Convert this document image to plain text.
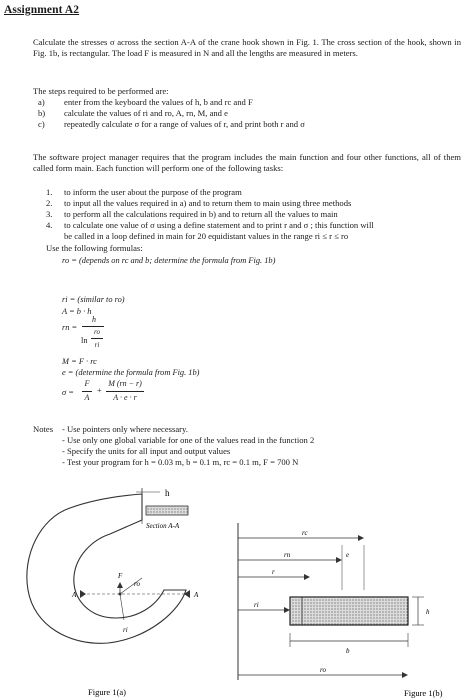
Assignment A2
Calculate the stresses σ across the section A-A of the crane hook shown in Fig. 1. The cross section of the hook, shown in Fig. 1b, is rectangular. The load F is measured in N and all the lengths are measured in meters.
The steps required to be performed are:
a) enter from the keyboard the values of h, b and rc and F
b) calculate the values of ri and ro, A, rn, M, and e
c) repeatedly calculate σ for a range of values of r, and print both r and σ
The software project manager requires that the program includes the main function and four other functions, all of them called form main. Each function will perform one of the following tasks:
1. to inform the user about the purpose of the program
2. to input all the values required in a) and to return them to main using three methods
3. to perform all the calculations required in b) and to return all the values to main
4. to calculate one value of σ using a define statement and to print r and σ ; this function will
be called in a loop defined in main for 20 equidistant values in the range ri ≤ r ≤ ro
Use the following formulas:
ro = (depends on rc and b; determine the formula from Fig. 1b)
ri = (similar to ro)
A = b · h
rn =
h
ln
ro
ri
M = F · rc
e = (determine the formula from Fig. 1b)
σ =
F
A
+
M (rn − r)
A · e · r
Notes - Use pointers only where necessary.
- Use only one global variable for one of the values read in the function 2
- Specify the units for all input and output values
- Test your program for h = 0.03 m, b = 0.1 m, rc = 0.1 m, F = 700 N
h
Section A-A
ro
ri
F
A
A
Figure 1(a)
rc
rn	e
r
ri
h
b
ro
Figure 1(b)
